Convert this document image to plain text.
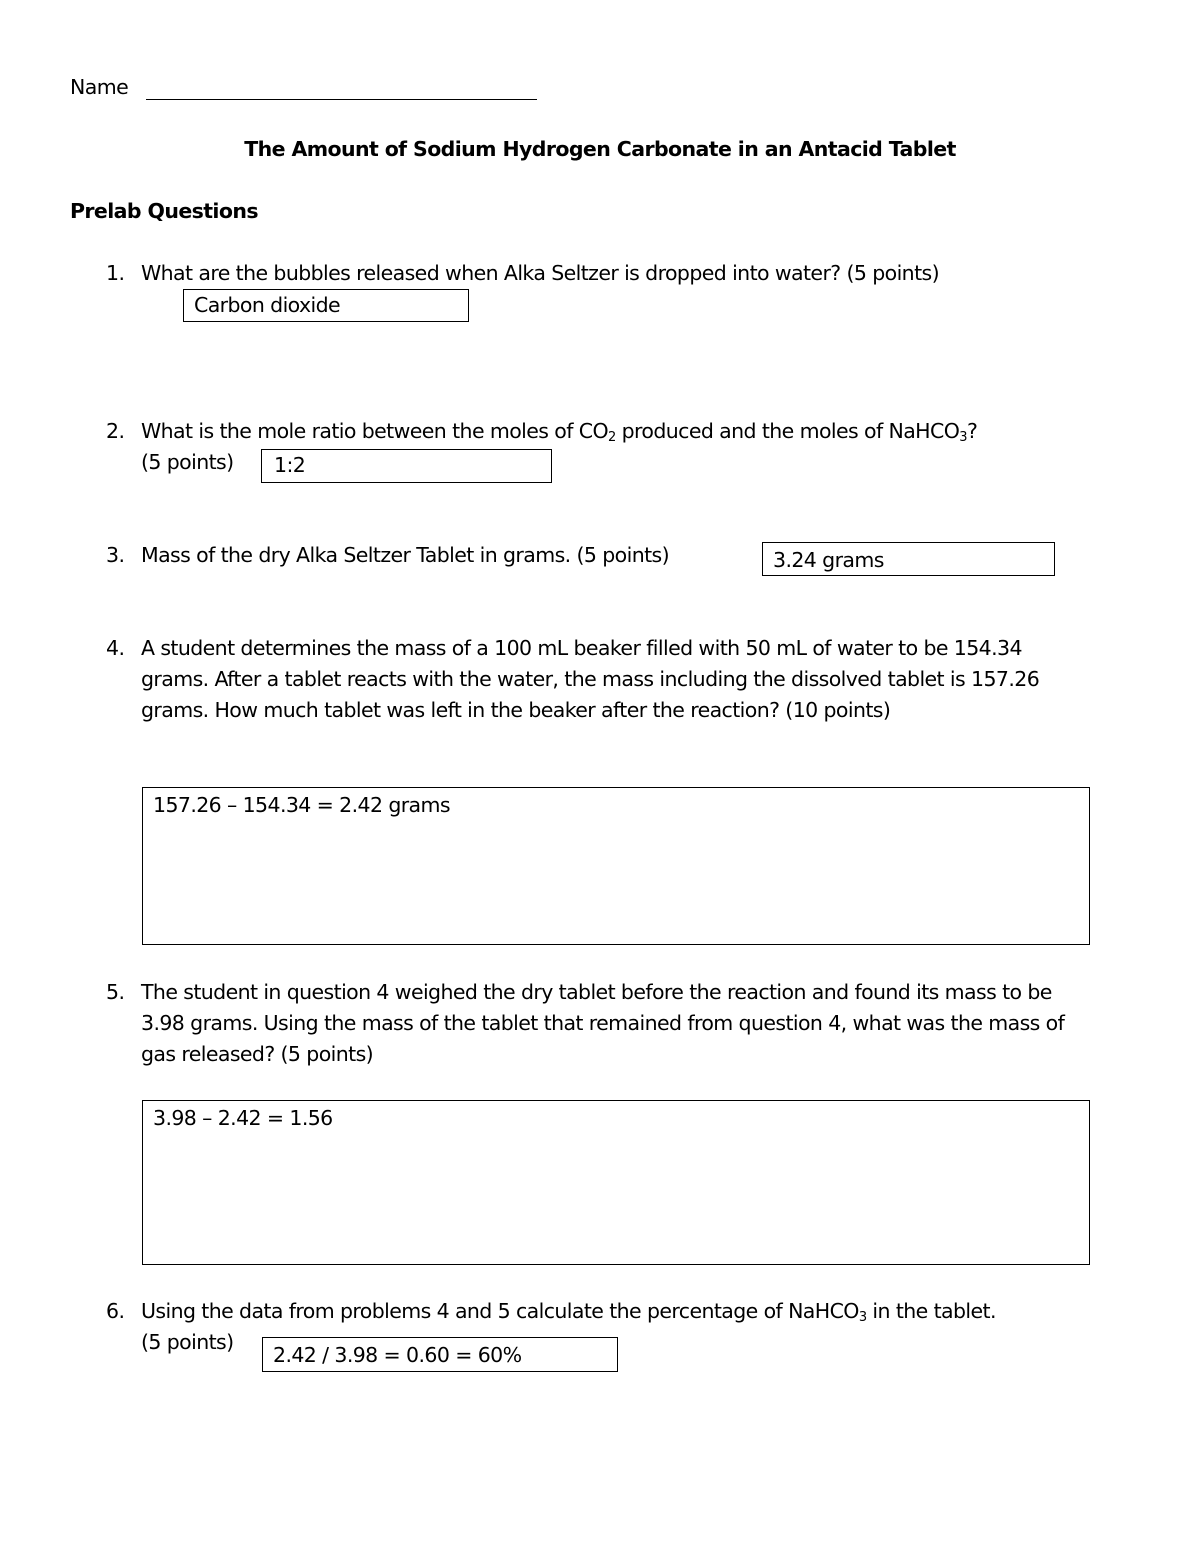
Name
The Amount of Sodium Hydrogen Carbonate in an Antacid Tablet
Prelab Questions
1. What are the bubbles released when Alka Seltzer is dropped into water? (5 points)
Carbon dioxide
2. What is the mole ratio between the moles of $CO_2$ produced and the moles of NaHCO$_3$?
(5 points) 1:2
3. Mass of the dry Alka Seltzer Tablet in grams. (5 points)	3.24 grams
4. A student determines the mass of a 100 mL beaker filled with 50 mL of water to be 154.34
grams. After a tablet reacts with the water, the mass including the dissolved tablet is 157.26
grams. How much tablet was left in the beaker after the reaction? (10 points)
157.26 – 154.34 = 2.42 grams
5. The student in question 4 weighed the dry tablet before the reaction and found its mass to be
3.98 grams. Using the mass of the tablet that remained from question 4, what was the mass of
gas released? (5 points)
3.98 – 2.42 = 1.56
6. Using the data from problems 4 and 5 calculate the percentage of NaHCO$_3$ in the tablet.
(5 points)
2.42 / 3.98 = 0.60 = 60%
